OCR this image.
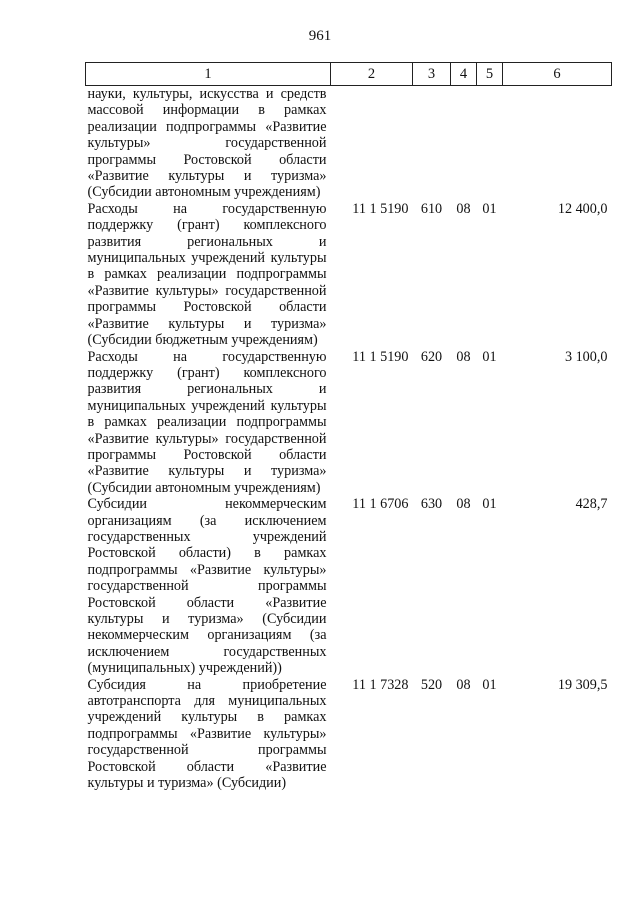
961
1	2	3	4	5	6
науки, культуры, искусства и средств массовой информации в рамках реализации подпрограммы «Развитие культуры» государственной программы Ростовской области «Развитие культуры и туризма» (Субсидии автономным учреждениям)					
Расходы на государственную поддержку (грант) комплексного развития региональных и муниципальных учреждений культуры в рамках реализации подпрограммы «Развитие культуры» государственной программы Ростовской области «Развитие культуры и туризма» (Субсидии бюджетным учреждениям)	11 1 5190	610	08	01	12 400,0
Расходы на государственную поддержку (грант) комплексного развития региональных и муниципальных учреждений культуры в рамках реализации подпрограммы «Развитие культуры» государственной программы Ростовской области «Развитие культуры и туризма» (Субсидии автономным учреждениям)	11 1 5190	620	08	01	3 100,0
Субсидии некоммерческим организациям (за исключением государственных учреждений Ростовской области) в рамках подпрограммы «Развитие культуры» государственной программы Ростовской области «Развитие культуры и туризма» (Субсидии некоммерческим организациям (за исключением государственных (муниципальных) учреждений))	11 1 6706	630	08	01	428,7
Субсидия на приобретение автотранспорта для муниципальных учреждений культуры в рамках подпрограммы «Развитие культуры» государственной программы Ростовской области «Развитие культуры и туризма» (Субсидии)	11 1 7328	520	08	01	19 309,5
